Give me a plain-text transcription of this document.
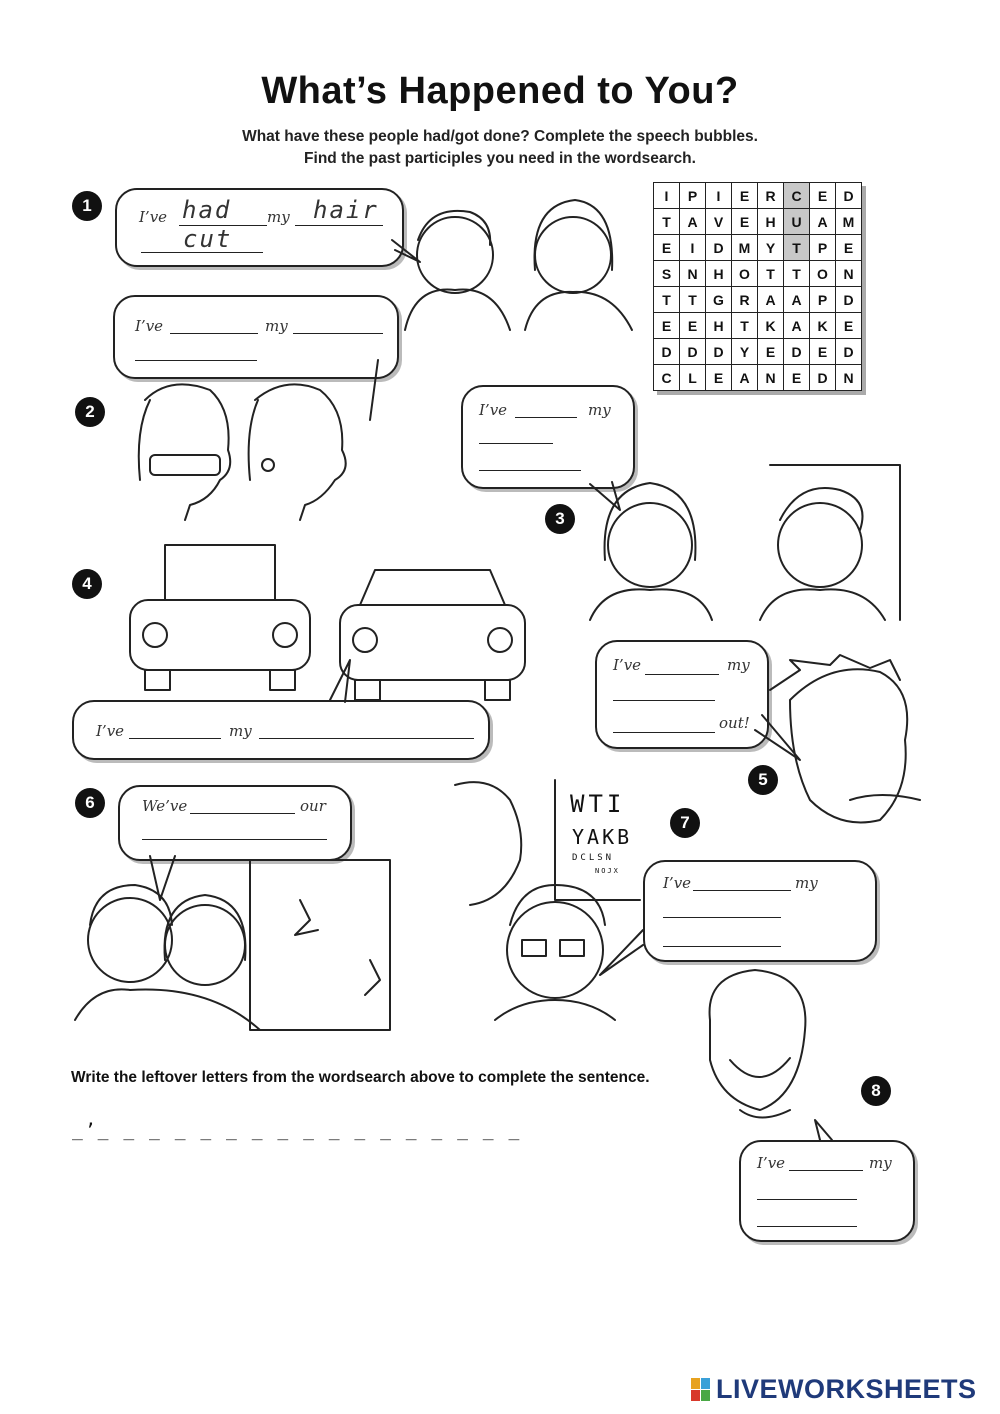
What’s Happened to You?
What have these people had/got done? Complete the speech bubbles.
Find the past participles you need in the wordsearch.
I	P	I	E	R	C	E	D
T	A	V	E	H	U	A	M
E	I	D	M	Y	T	P	E
S	N	H	O	T	T	O	N
T	T	G	R	A	A	P	D
E	E	H	T	K	A	K	E
D	D	D	Y	E	D	E	D
C	L	E	A	N	E	D	N
1
2
3
4
5
6
7
8
I’ve had my hair
cut
I’ve	my
I’ve	my
I’ve	my
I’ve	my
out!
We’ve	our
I’ve	my
I’ve	my
WTI
YAKB
DCLSN
NOJX
Write the leftover letters from the wordsearch above to complete the sentence.
_’_ _ _ _ _ _ _ _ _ _ _ _ _ _ _ _ _
LIVEWORKSHEETS
